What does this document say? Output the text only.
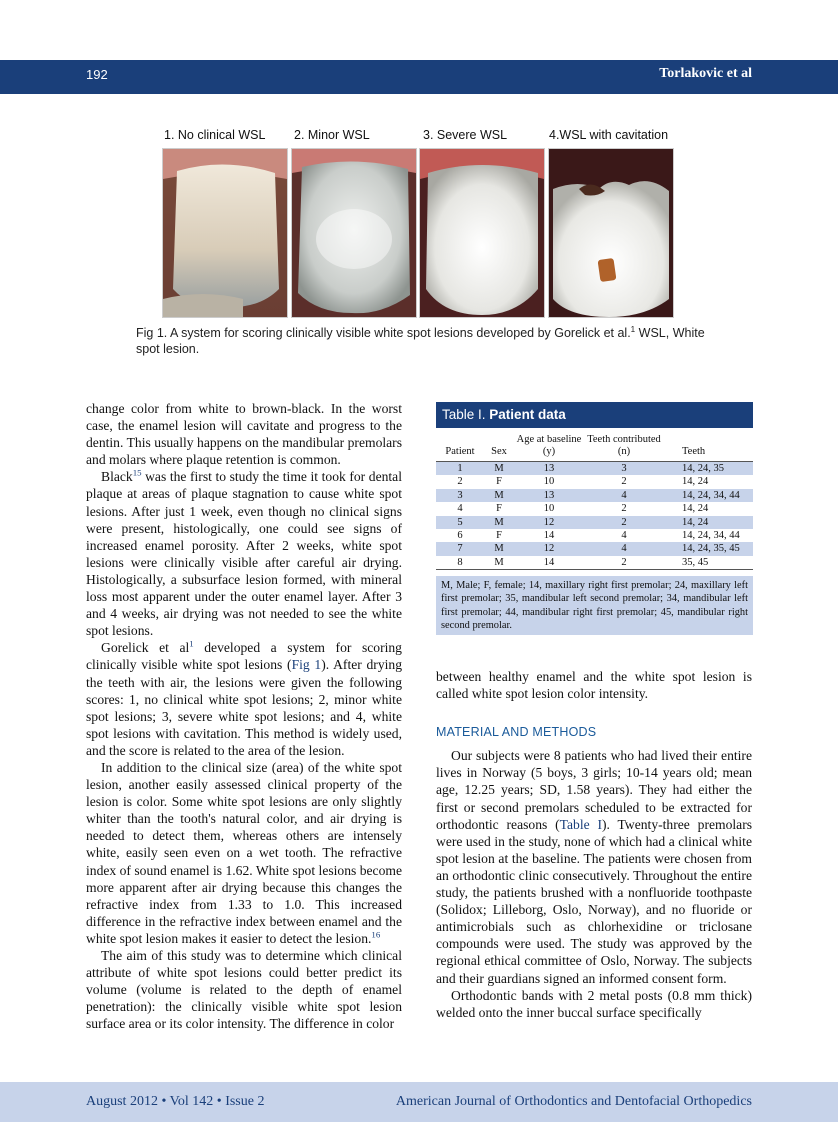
192	Torlakovic et al
1. No clinical WSL 2. Minor WSL	3. Severe WSL	4.WSL with cavitation
Fig 1. A system for scoring clinically visible white spot lesions developed by Gorelick et al.$^1$ WSL, White spot lesion.

change color from white to brown-black. In the worst case, the enamel lesion will cavitate and progress to the dentin. This usually happens on the mandibular premolars and molars where plaque retention is common.

Black$^{15}$ was the first to study the time it took for dental plaque at areas of plaque stagnation to cause white spot lesions. After just 1 week, even though no clinical signs were present, histologically, one could see signs of increased enamel porosity. After 2 weeks, white spot lesions were clinically visible after careful air drying. Histologically, a subsurface lesion formed, with mineral loss most apparent under the outer enamel layer. After 3 and 4 weeks, air drying was not needed to see the white spot lesions.

Gorelick et al$^1$ developed a system for scoring clinically visible white spot lesions (Fig 1). After drying the teeth with air, the lesions were given the following scores: 1, no clinical white spot lesions; 2, minor white spot lesions; 3, severe white spot lesions; and 4, white spot lesions with cavitation. This method is widely used, and the score is related to the area of the lesion.

In addition to the clinical size (area) of the white spot lesion, another easily assessed clinical property of the lesion is color. Some white spot lesions are only slightly whiter than the tooth's natural color, and air drying is needed to detect them, whereas others are intensely white, easily seen even on a wet tooth. The refractive index of sound enamel is 1.62. White spot lesions become more apparent after air drying because this changes the refractive index from 1.33 to 1.0. This increased difference in the refractive index between enamel and the white spot lesion makes it easier to detect the lesion.$^{16}$

The aim of this study was to determine which clinical attribute of white spot lesions could better predict its volume (volume is related to the depth of enamel penetration): the clinically visible white spot lesion surface area or its color intensity. The difference in color

Table I. Patient data
Patient	Sex	Age at baseline (y)	Teeth contributed (n)	Teeth
1	M	13	3	14, 24, 35
2	F	10	2	14, 24
3	M	13	4	14, 24, 34, 44
4	F	10	2	14, 24
5	M	12	2	14, 24
6	F	14	4	14, 24, 34, 44
7	M	12	4	14, 24, 35, 45
8	M	14	2	35, 45
M, Male; F, female; 14, maxillary right first premolar; 24, maxillary left first premolar; 35, mandibular left second premolar; 34, mandibular left first premolar; 44, mandibular right first premolar; 45, mandibular right second premolar.

between healthy enamel and the white spot lesion is called white spot lesion color intensity.

MATERIAL AND METHODS

Our subjects were 8 patients who had lived their entire lives in Norway (5 boys, 3 girls; 10-14 years old; mean age, 12.25 years; SD, 1.58 years). They had either the first or second premolars scheduled to be extracted for orthodontic reasons (Table I). Twenty-three premolars were used in the study, none of which had a clinical white spot lesion at the baseline. The patients were chosen from an orthodontic clinic consecutively. Throughout the entire study, the patients brushed with a nonfluoride toothpaste (Solidox; Lilleborg, Oslo, Norway), and no fluoride or antimicrobials such as chlorhexidine or triclosane compounds were used. The study was approved by the regional ethical committee of Oslo, Norway. The subjects and their guardians signed an informed consent form.

Orthodontic bands with 2 metal posts (0.8 mm thick) welded onto the inner buccal surface specifically

August 2012 • Vol 142 • Issue 2	American Journal of Orthodontics and Dentofacial Orthopedics
